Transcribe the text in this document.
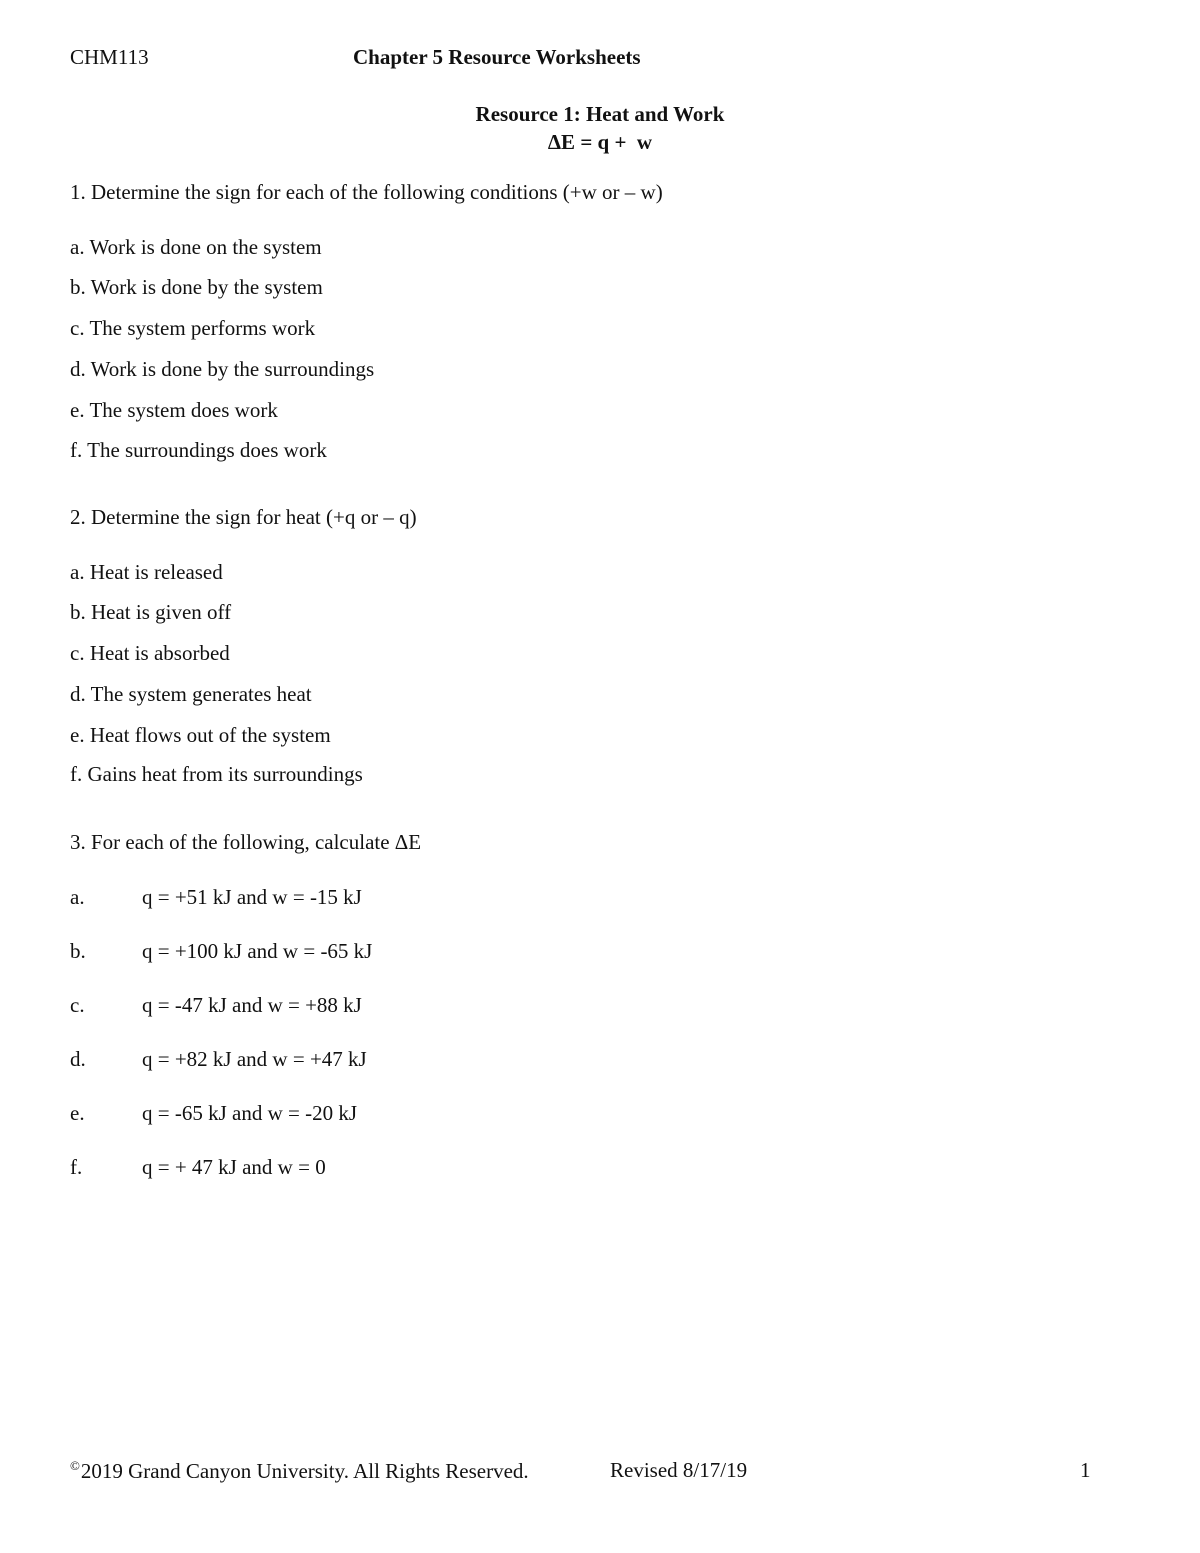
CHM113	Chapter 5 Resource Worksheets
Resource 1: Heat and Work
ΔE = q +  w
1. Determine the sign for each of the following conditions (+w or – w)
a. Work is done on the system
b. Work is done by the system
c. The system performs work
d. Work is done by the surroundings
e. The system does work
f. The surroundings does work
2. Determine the sign for heat (+q or – q)
a. Heat is released
b. Heat is given off
c. Heat is absorbed
d. The system generates heat
e. Heat flows out of the system
f. Gains heat from its surroundings
3. For each of the following, calculate ΔE
a.	q = +51 kJ and w = -15 kJ
b.	q = +100 kJ and w = -65 kJ
c.	q = -47 kJ and w = +88 kJ
d.	q = +82 kJ and w = +47 kJ
e.	q = -65 kJ and w = -20 kJ
f.	q = + 47 kJ and w = 0
©2019 Grand Canyon University. All Rights Reserved.	Revised 8/17/19	1
